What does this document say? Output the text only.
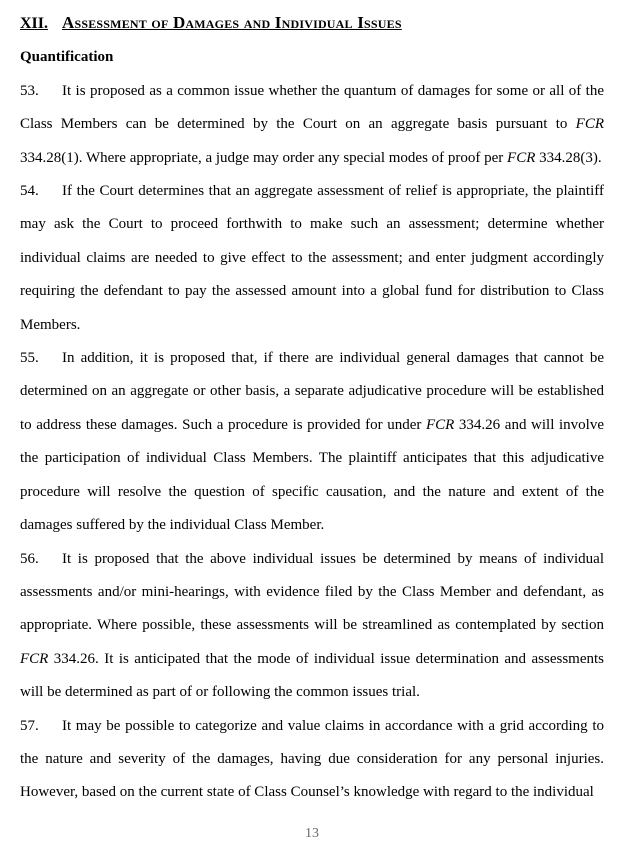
XII. Assessment of Damages and Individual Issues
Quantification

53. It is proposed as a common issue whether the quantum of damages for some or all of the Class Members can be determined by the Court on an aggregate basis pursuant to FCR 334.28(1). Where appropriate, a judge may order any special modes of proof per FCR 334.28(3).

54. If the Court determines that an aggregate assessment of relief is appropriate, the plaintiff may ask the Court to proceed forthwith to make such an assessment; determine whether individual claims are needed to give effect to the assessment; and enter judgment accordingly requiring the defendant to pay the assessed amount into a global fund for distribution to Class Members.

55. In addition, it is proposed that, if there are individual general damages that cannot be determined on an aggregate or other basis, a separate adjudicative procedure will be established to address these damages. Such a procedure is provided for under FCR 334.26 and will involve the participation of individual Class Members. The plaintiff anticipates that this adjudicative procedure will resolve the question of specific causation, and the nature and extent of the damages suffered by the individual Class Member.

56. It is proposed that the above individual issues be determined by means of individual assessments and/or mini-hearings, with evidence filed by the Class Member and defendant, as appropriate. Where possible, these assessments will be streamlined as contemplated by section FCR 334.26. It is anticipated that the mode of individual issue determination and assessments will be determined as part of or following the common issues trial.

57. It may be possible to categorize and value claims in accordance with a grid according to the nature and severity of the damages, having due consideration for any personal injuries. However, based on the current state of Class Counsel’s knowledge with regard to the individual

13
